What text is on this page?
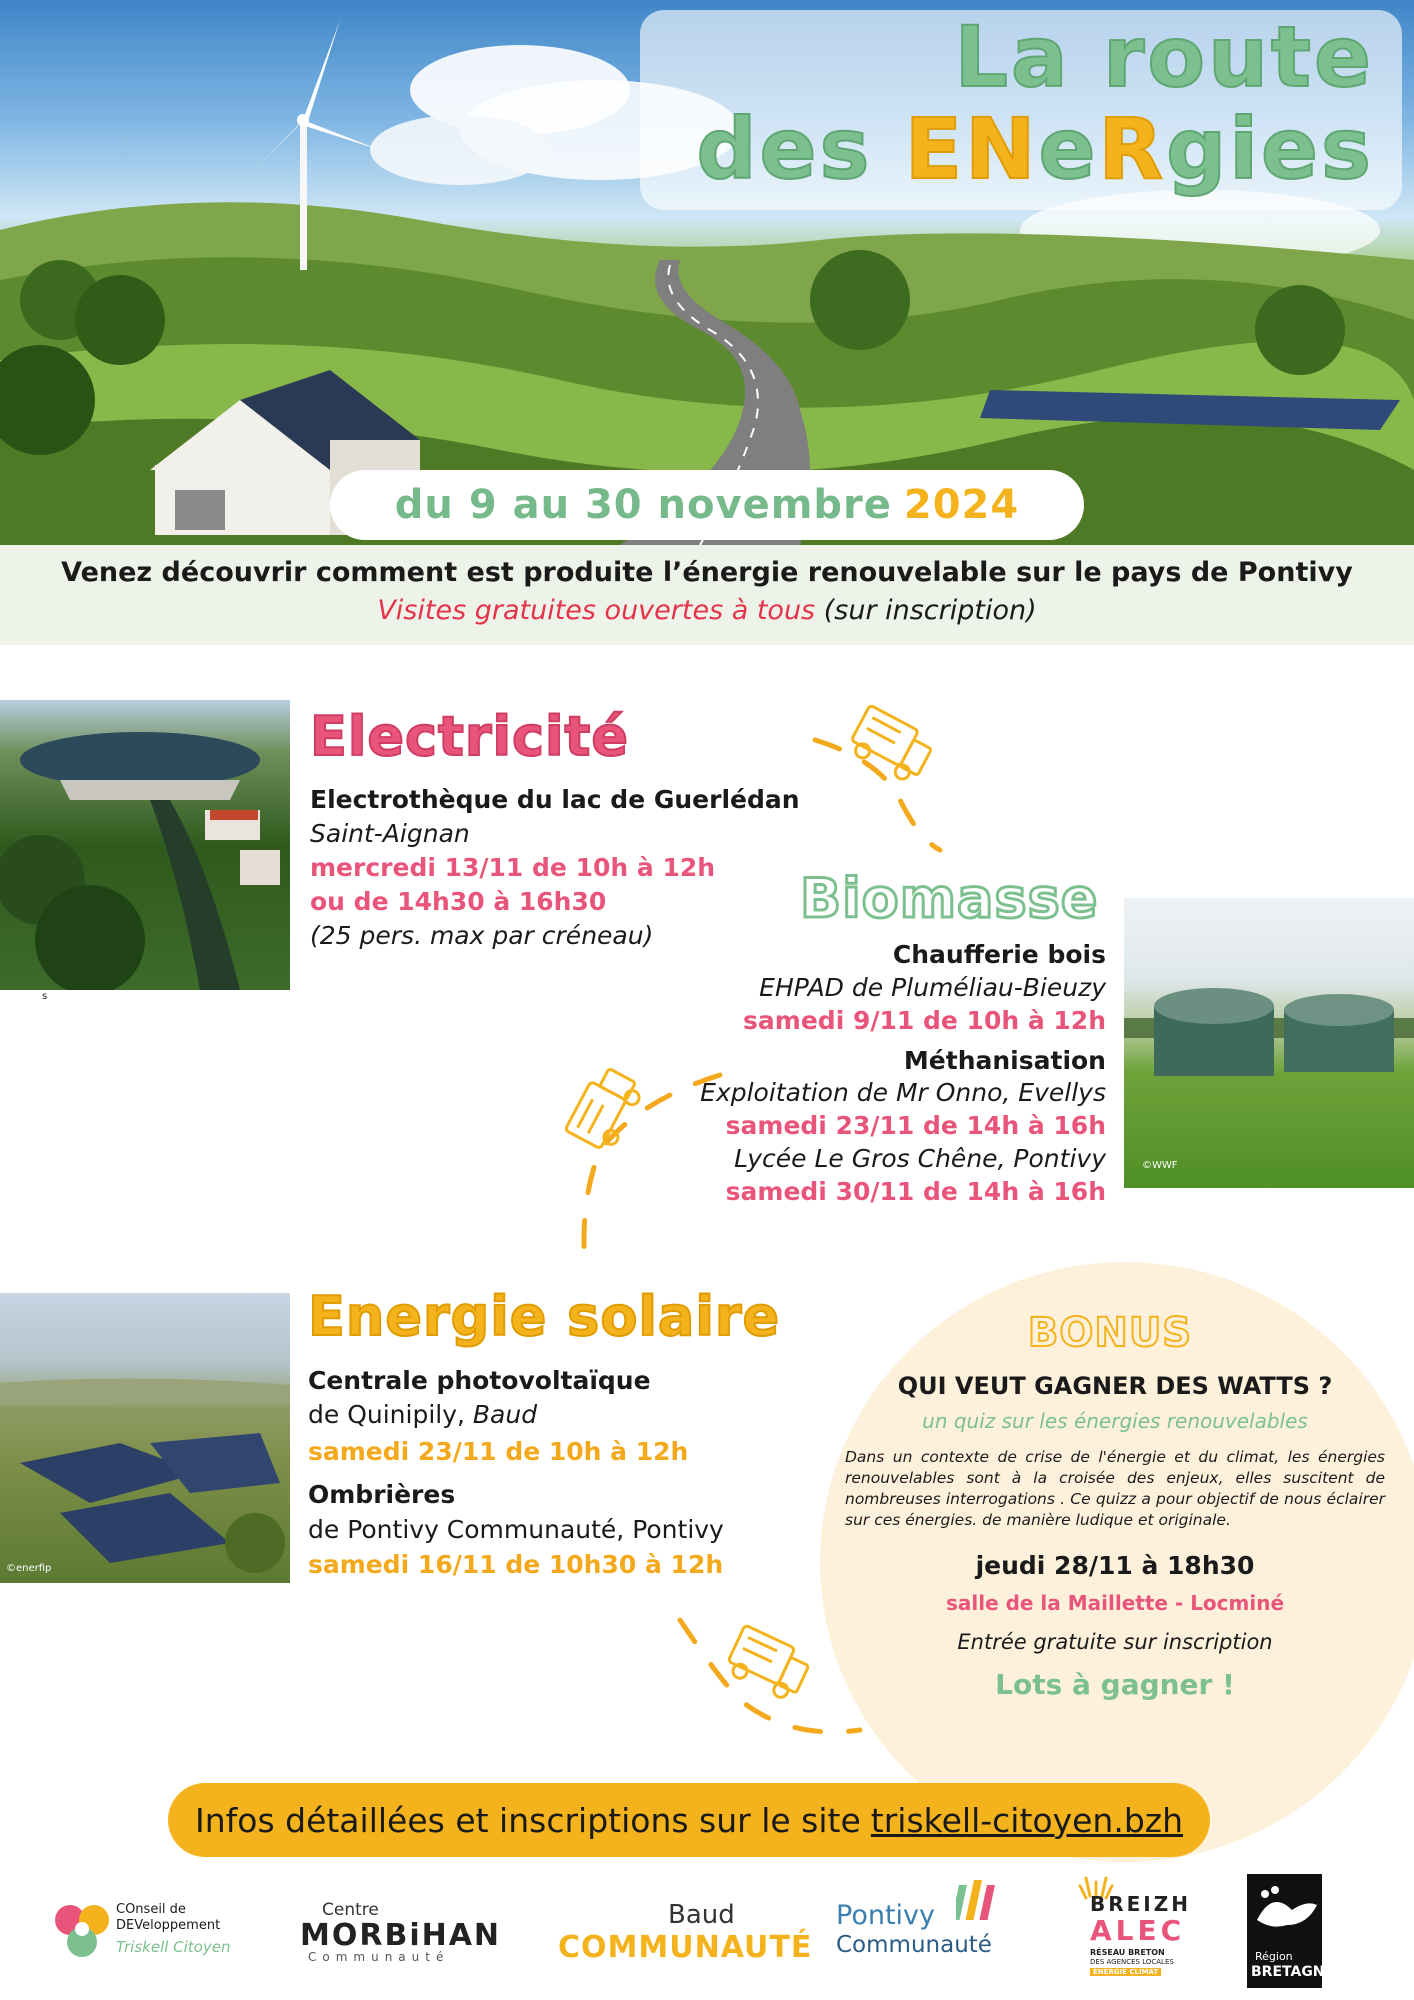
La route
des ENeRgies
du 9 au 30 novembre 2024
Venez découvrir comment est produite l’énergie renouvelable sur le pays de Pontivy
Visites gratuites ouvertes à tous (sur inscription)
s
Electricité
Electrothèque du lac de Guerlédan
Saint-Aignan
mercredi 13/11 de 10h à 12h
ou de 14h30 à 16h30
(25 pers. max par créneau)
Biomasse
Chaufferie bois
EHPAD de Pluméliau-Bieuzy
samedi 9/11 de 10h à 12h
Méthanisation
Exploitation de Mr Onno, Evellys
samedi 23/11 de 14h à 16h
Lycée Le Gros Chêne, Pontivy
samedi 30/11 de 14h à 16h
©WWF
©enerfip
Energie solaire
Centrale photovoltaïque
de Quinipily, Baud
samedi 23/11 de 10h à 12h
Ombrières
de Pontivy Communauté, Pontivy
samedi 16/11 de 10h30 à 12h
BONUS
QUI VEUT GAGNER DES WATTS ?
un quiz sur les énergies renouvelables
Dans un contexte de crise de l'énergie et du climat, les énergies renouvelables sont à la croisée des enjeux, elles suscitent de nombreuses interrogations . Ce quizz a pour objectif de nous éclairer sur ces énergies. de manière ludique et originale.
jeudi 28/11 à 18h30
salle de la Maillette - Locminé
Entrée gratuite sur inscription
Lots à gagner !
Infos détaillées et inscriptions sur le site triskell-citoyen.bzh
COnseil de
DEVeloppement
Triskell Citoyen
Centre
MORBiHAN
Communauté
Baud
COMMUNAUTÉ
Pontivy
Communauté
BREIZH
ALEC
RÉSEAU BRETON
DES AGENCES LOCALES
ÉNERGIE CLIMAT
Région
BRETAGNE
